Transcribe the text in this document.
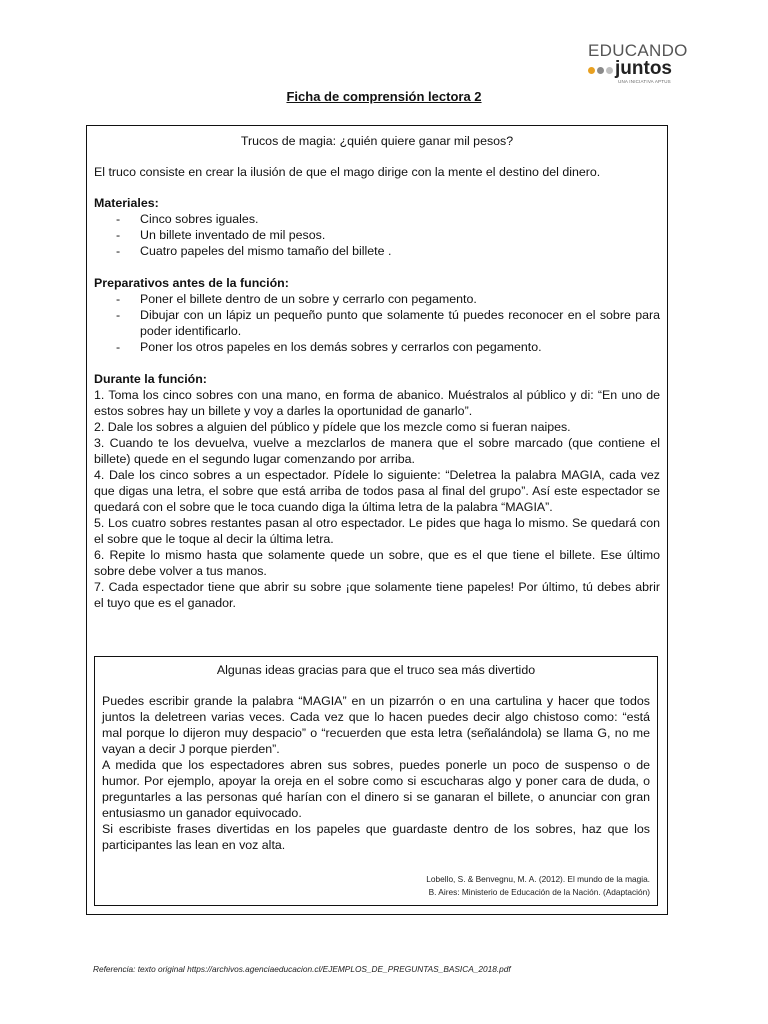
EDUCANDO
juntos
UNA INICIATIVA APTUS
Ficha de comprensión lectora 2
Trucos de magia: ¿quién quiere ganar mil pesos?

El truco consiste en crear la ilusión de que el mago dirige con la mente el destino del dinero.

Materiales:
- Cinco sobres iguales.
- Un billete inventado de mil pesos.
- Cuatro papeles del mismo tamaño del billete .
Preparativos antes de la función:
- Poner el billete dentro de un sobre y cerrarlo con pegamento.
- Dibujar con un lápiz un pequeño punto que solamente tú puedes reconocer en el sobre para poder identificarlo.
- Poner los otros papeles en los demás sobres y cerrarlos con pegamento.
Durante la función:

1. Toma los cinco sobres con una mano, en forma de abanico. Muéstralos al público y di: “En uno de estos sobres hay un billete y voy a darles la oportunidad de ganarlo”.

2. Dale los sobres a alguien del público y pídele que los mezcle como si fueran naipes.

3. Cuando te los devuelva, vuelve a mezclarlos de manera que el sobre marcado (que contiene el billete) quede en el segundo lugar comenzando por arriba.

4. Dale los cinco sobres a un espectador. Pídele lo siguiente: “Deletrea la palabra MAGIA, cada vez que digas una letra, el sobre que está arriba de todos pasa al final del grupo”. Así este espectador se quedará con el sobre que le toca cuando diga la última letra de la palabra “MAGIA”.

5. Los cuatro sobres restantes pasan al otro espectador. Le pides que haga lo mismo. Se quedará con el sobre que le toque al decir la última letra.

6. Repite lo mismo hasta que solamente quede un sobre, que es el que tiene el billete. Ese último sobre debe volver a tus manos.

7. Cada espectador tiene que abrir su sobre ¡que solamente tiene papeles! Por último, tú debes abrir el tuyo que es el ganador.

Algunas ideas gracias para que el truco sea más divertido

Puedes escribir grande la palabra “MAGIA” en un pizarrón o en una cartulina y hacer que todos juntos la deletreen varias veces. Cada vez que lo hacen puedes decir algo chistoso como: “está mal porque lo dijeron muy despacio” o “recuerden que esta letra (señalándola) se llama G, no me vayan a decir J porque pierden”.

A medida que los espectadores abren sus sobres, puedes ponerle un poco de suspenso o de humor. Por ejemplo, apoyar la oreja en el sobre como si escucharas algo y poner cara de duda, o preguntarles a las personas qué harían con el dinero si se ganaran el billete, o anunciar con gran entusiasmo un ganador equivocado.

Si escribiste frases divertidas en los papeles que guardaste dentro de los sobres, haz que los participantes las lean en voz alta.

Lobello, S. & Benvegnu, M. A. (2012). El mundo de la magia.
B. Aires: Ministerio de Educación de la Nación. (Adaptación)
Referencia: texto original https://archivos.agenciaeducacion.cl/EJEMPLOS_DE_PREGUNTAS_BASICA_2018.pdf
